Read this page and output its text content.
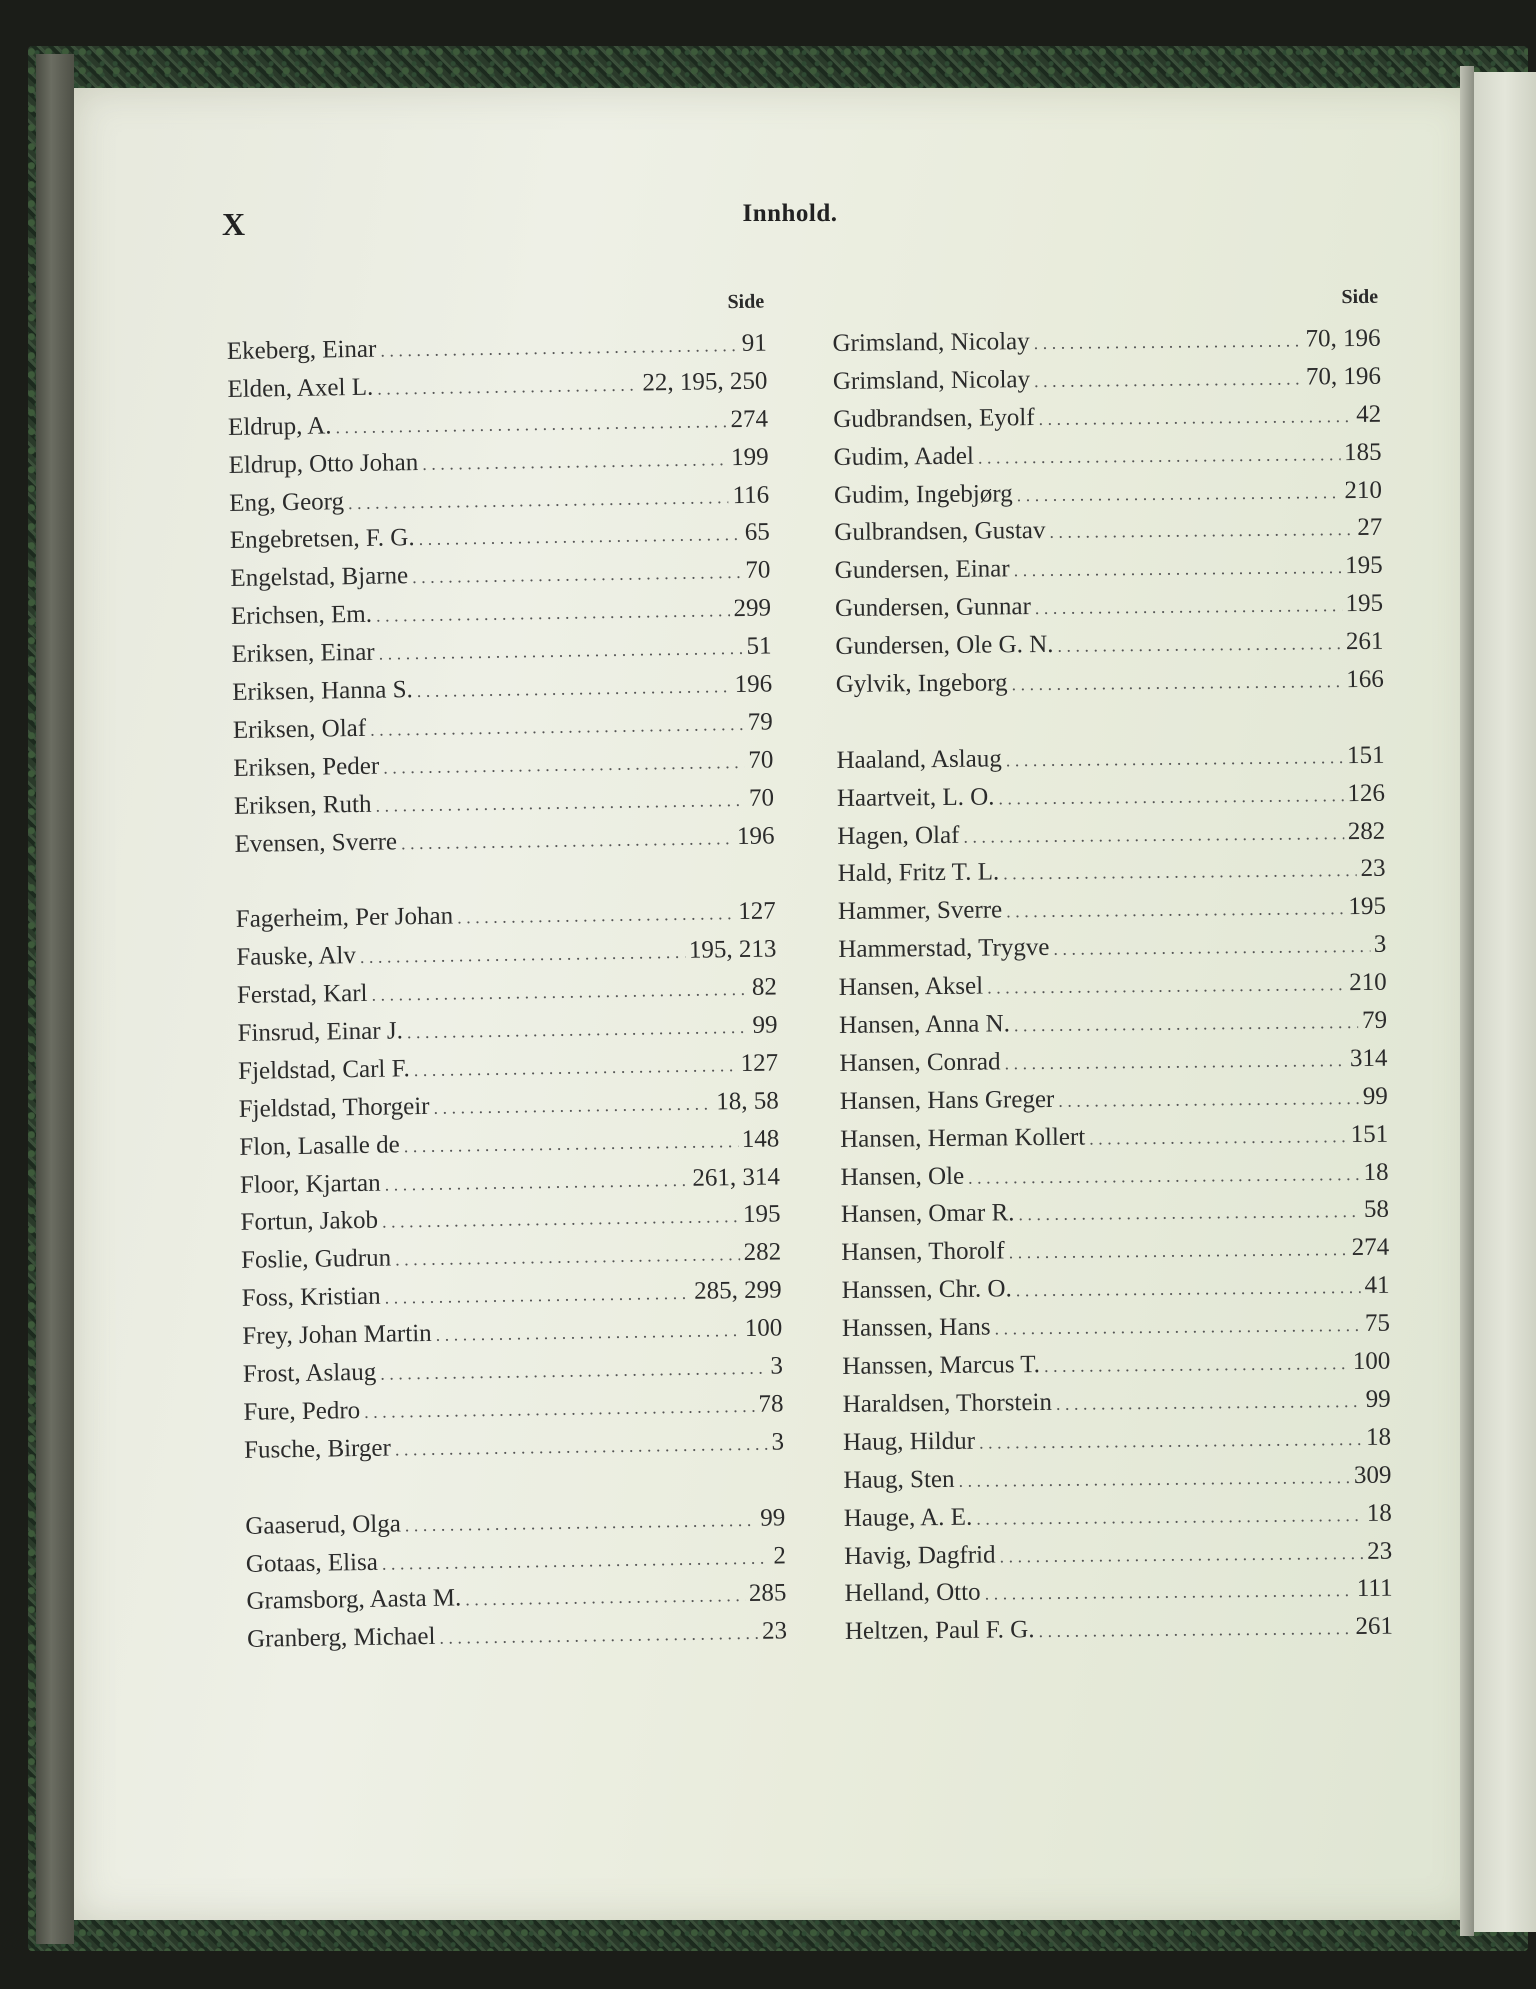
X	Innhold.
Side
Ekeberg, Einar . . .	91
Elden, Axel L. . . .	22, 195, 250
Eldrup, A. . . .	274
Eldrup, Otto Johan . . .	199
Eng, Georg . . .	116
Engebretsen, F. G. . . .	65
Engelstad, Bjarne . . .	70
Erichsen, Em. . . .	299
Eriksen, Einar . . .	51
Eriksen, Hanna S. . . .	196
Eriksen, Olaf . . .	79
Eriksen, Peder . . .	70
Eriksen, Ruth . . .	70
Evensen, Sverre . . .	196
Fagerheim, Per Johan . . .	127
Fauske, Alv . . .	195, 213
Ferstad, Karl . . .	82
Finsrud, Einar J. . . .	99
Fjeldstad, Carl F. . . .	127
Fjeldstad, Thorgeir . . .	18, 58
Flon, Lasalle de . . .	148
Floor, Kjartan . . .	261, 314
Fortun, Jakob . . .	195
Foslie, Gudrun . . .	282
Foss, Kristian . . .	285, 299
Frey, Johan Martin . . .	100
Frost, Aslaug . . .	3
Fure, Pedro . . .	78
Fusche, Birger . . .	3
Gaaserud, Olga . . .	99
Gotaas, Elisa . . .	2
Gramsborg, Aasta M. . . .	285
Granberg, Michael . . .	23
Side
Grimsland, Nicolay . . .	70, 196
Grimsland, Nicolay . . .	70, 196
Gudbrandsen, Eyolf . . .	42
Gudim, Aadel . . .	185
Gudim, Ingebjørg . . .	210
Gulbrandsen, Gustav . . .	27
Gundersen, Einar . . .	195
Gundersen, Gunnar . . .	195
Gundersen, Ole G. N. . . .	261
Gylvik, Ingeborg . . .	166
Haaland, Aslaug . . .	151
Haartveit, L. O. . . .	126
Hagen, Olaf . . .	282
Hald, Fritz T. L. . . .	23
Hammer, Sverre . . .	195
Hammerstad, Trygve . . .	3
Hansen, Aksel . . .	210
Hansen, Anna N. . . .	79
Hansen, Conrad . . .	314
Hansen, Hans Greger . . .	99
Hansen, Herman Kollert . . .	151
Hansen, Ole . . .	18
Hansen, Omar R. . . .	58
Hansen, Thorolf . . .	274
Hanssen, Chr. O. . . .	41
Hanssen, Hans . . .	75
Hanssen, Marcus T. . . .	100
Haraldsen, Thorstein . . .	99
Haug, Hildur . . .	18
Haug, Sten . . .	309
Hauge, A. E. . . .	18
Havig, Dagfrid . . .	23
Helland, Otto . . .	111
Heltzen, Paul F. G. . . .	261
